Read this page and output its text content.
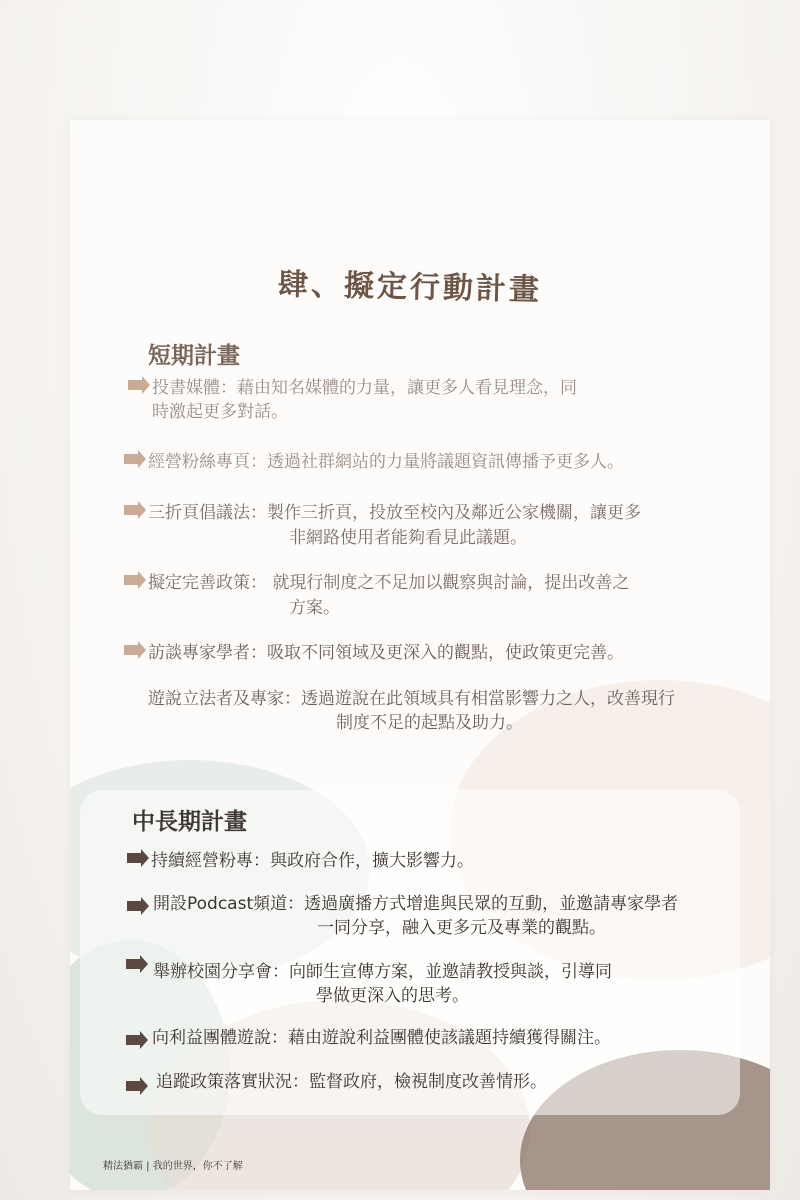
肆、擬定行動計畫
短期計畫
投書媒體：藉由知名媒體的力量，讓更多人看見理念，同
時激起更多對話。
經營粉絲專頁：透過社群網站的力量將議題資訊傳播予更多人。
三折頁倡議法：製作三折頁，投放至校內及鄰近公家機關，讓更多
非網路使用者能夠看見此議題。
擬定完善政策： 就現行制度之不足加以觀察與討論，提出改善之
方案。
訪談專家學者：吸取不同領域及更深入的觀點，使政策更完善。
遊說立法者及專家：透過遊說在此領域具有相當影響力之人，改善現行
制度不足的起點及助力。
中長期計畫
持續經營粉專：與政府合作，擴大影響力。
開設Podcast頻道：透過廣播方式增進與民眾的互動，並邀請專家學者
一同分享，融入更多元及專業的觀點。
舉辦校園分享會：向師生宣傳方案，並邀請教授與談，引導同
學做更深入的思考。
向利益團體遊說：藉由遊說利益團體使該議題持續獲得關注。
追蹤政策落實狀況：監督政府，檢視制度改善情形。
精法猶霸 | 我的世界，你不了解
